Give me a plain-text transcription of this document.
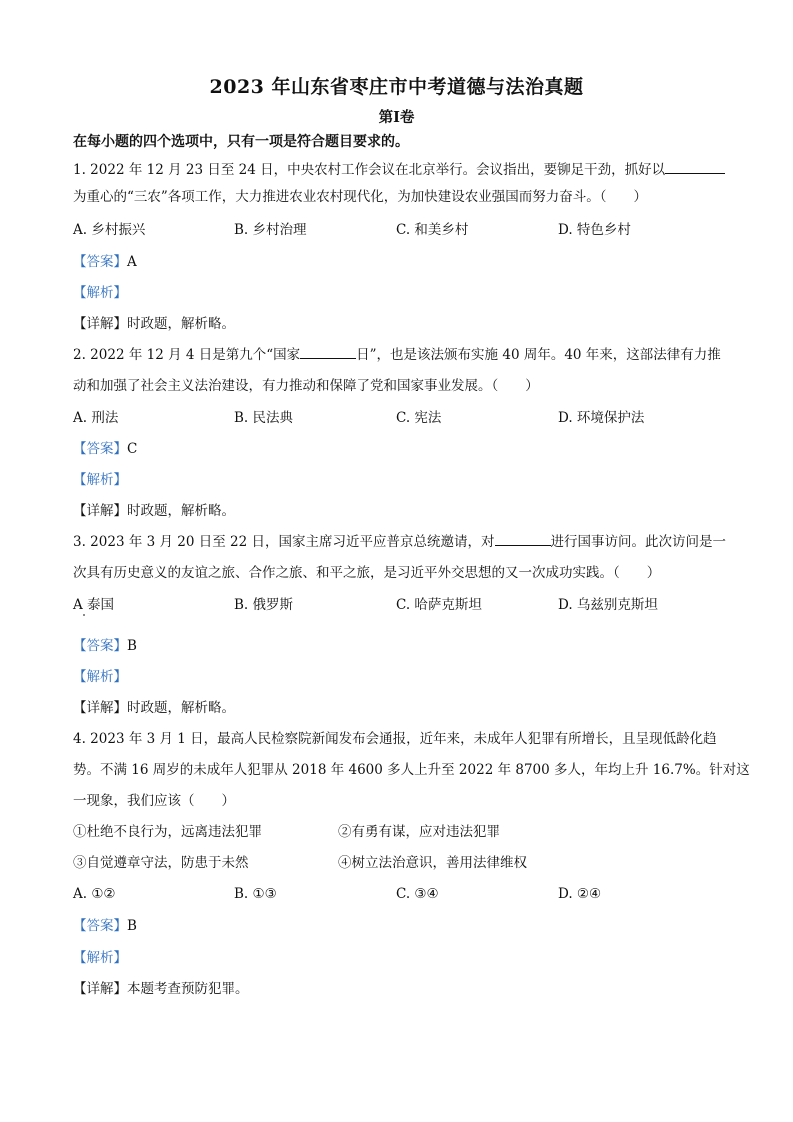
2023 年山东省枣庄市中考道德与法治真题
第Ⅰ卷
在每小题的四个选项中，只有一项是符合题目要求的。
1. 2022 年 12 月 23 日至 24 日，中央农村工作会议在北京举行。会议指出，要铆足干劲，抓好以
为重心的“三农”各项工作，大力推进农业农村现代化，为加快建设农业强国而努力奋斗。（　　）
A. 乡村振兴	B. 乡村治理	C. 和美乡村	D. 特色乡村
【答案】A
【解析】
【详解】时政题，解析略。
2. 2022 年 12 月 4 日是第九个“国家	日”，也是该法颁布实施 40 周年。40 年来，这部法律有力推
动和加强了社会主义法治建设，有力推动和保障了党和国家事业发展。（　　）
A. 刑法	B. 民法典	C. 宪法	D. 环境保护法
【答案】C
【解析】
【详解】时政题，解析略。
3. 2023 年 3 月 20 日至 22 日，国家主席习近平应普京总统邀请，对	进行国事访问。此次访问是一
次具有历史意义的友谊之旅、合作之旅、和平之旅，是习近平外交思想的又一次成功实践。（　　）
A 泰国	B. 俄罗斯	C. 哈萨克斯坦	D. 乌兹别克斯坦
【答案】B
【解析】
【详解】时政题，解析略。
4. 2023 年 3 月 1 日，最高人民检察院新闻发布会通报，近年来，未成年人犯罪有所增长，且呈现低龄化趋
势。不满 16 周岁的未成年人犯罪从 2018 年 4600 多人上升至 2022 年 8700 多人，年均上升 16.7%。针对这
一现象，我们应该（　　）
①杜绝不良行为，远离违法犯罪	②有勇有谋，应对违法犯罪
③自觉遵章守法，防患于未然	④树立法治意识，善用法律维权
A. ①②	B. ①③	C. ③④	D. ②④
【答案】B
【解析】
【详解】本题考查预防犯罪。
